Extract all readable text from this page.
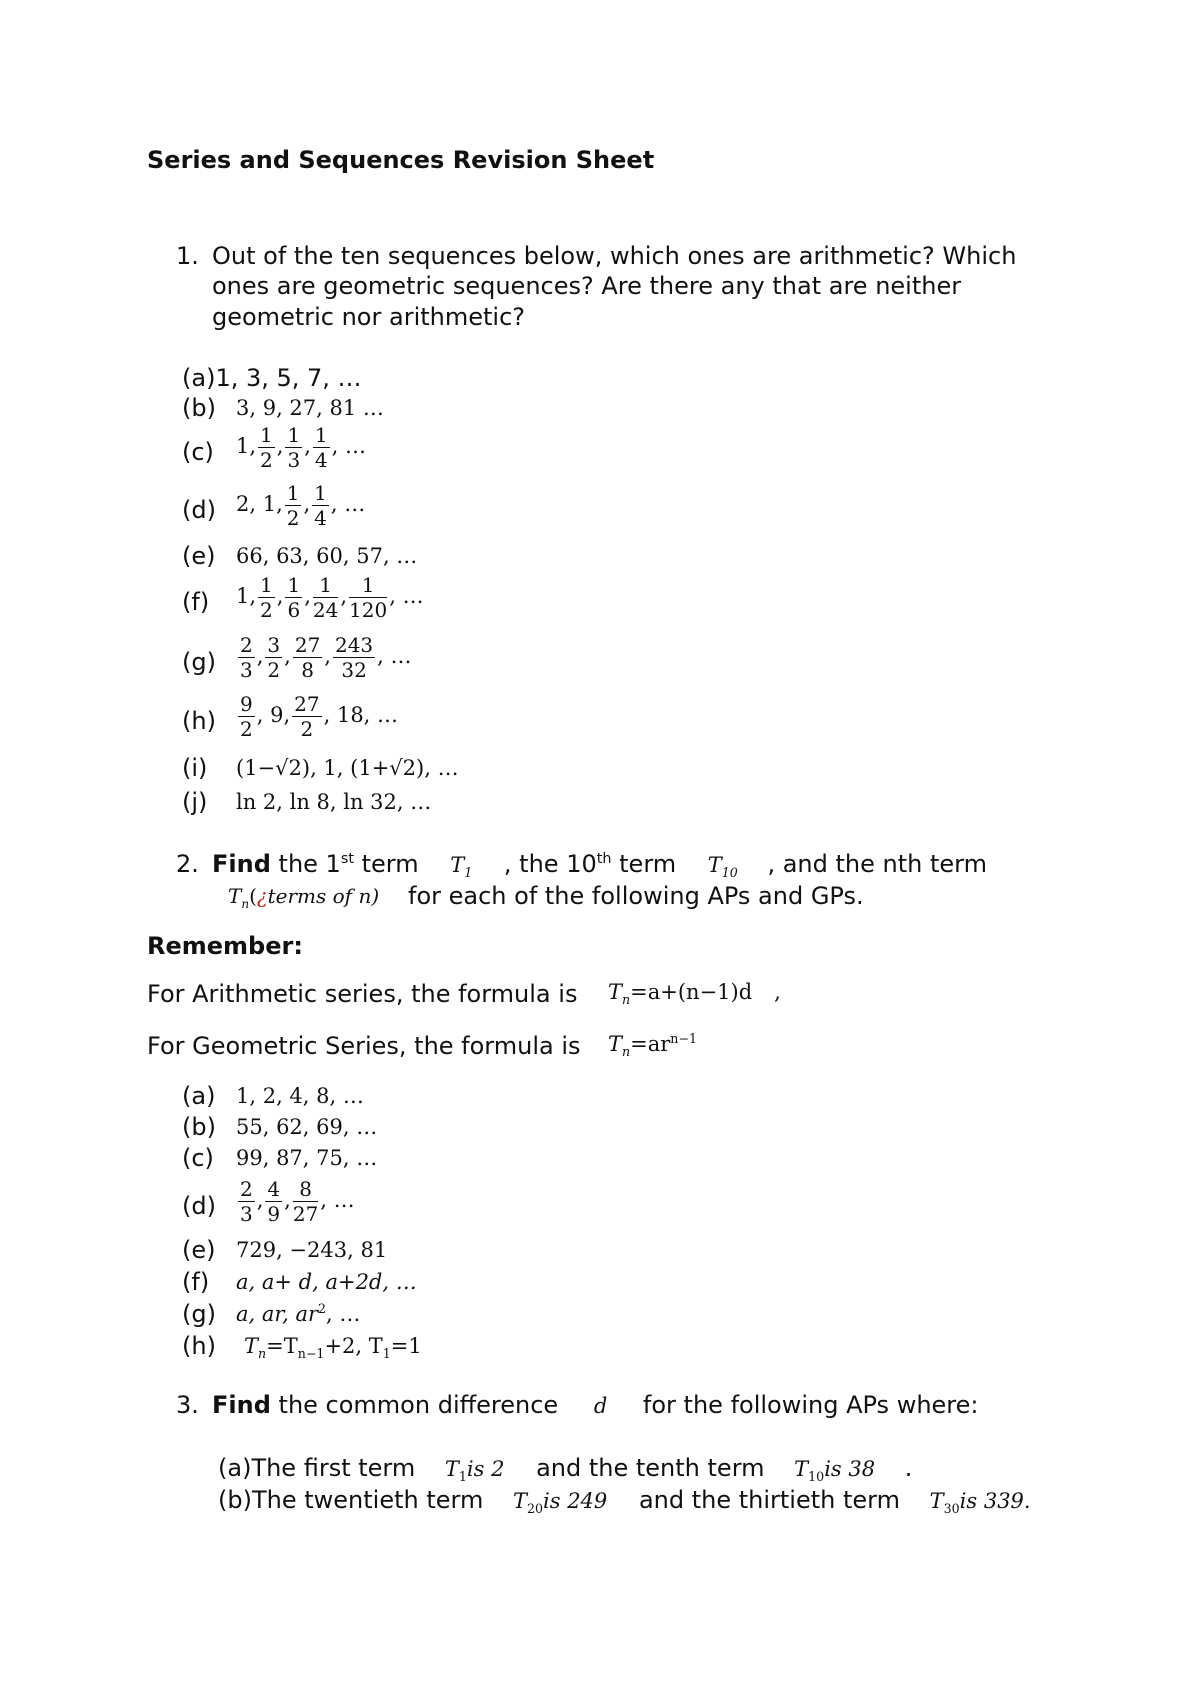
Series and Sequences Revision Sheet
1. Out of the ten sequences below, which ones are arithmetic? Which
ones are geometric sequences? Are there any that are neither
geometric nor arithmetic?
(a)1, 3, 5, 7, …
(b) 3, 9, 27, 81 …
(c) 1, $\frac{1}{2}$ , $\frac{1}{3}$ , $\frac{1}{4}$ , …
(d) 2, 1, $\frac{1}{2}$ , $\frac{1}{4}$ , …
(e) 66, 63, 60, 57, …
(f) 1, $\frac{1}{2}$ , $\frac{1}{6}$ , $\frac{1}{24}$ , $\frac{1}{120}$ , …
$(g) \frac{2}{3}$ , $\frac{3}{2}$ , $\frac{27}{8}$ , $\frac{243}{32}$ , …
$(h) \frac{9}{2}$ , 9, $\frac{27}{2}$ , 18, …
(i) (1−√2), 1, (1+√2), …
(j) ln 2, ln 8, ln 32, …
2. Find the 1st term $T_1$ , the 10th term $T_{10}$ , and the nth term
$T_n(¿terms$ of n) for each of the following APs and GPs.
Remember:
For Arithmetic series, the formula is $T_n=a+(n-1)d$ ,
For Geometric Series, the formula is $T_n=ar^{n-1}$
(a) 1, 2, 4, 8, …
(b) 55, 62, 69, …
(c) 99, 87, 75, …
$(d) \frac{2}{3}$ , $\frac{4}{9}$ , $\frac{8}{27}$ , …
(e) 729, −243, 81
(f) a, a+ d, a+2d, …
(g) a, ar, $ar^2$, …
(h) $T_n=T_{n-1}+2$, $T_1=1$
3. Find the common difference d for the following APs where:
(a)The first term $T_1is$ 2 and the tenth term $T_{10}is$ 38 .
(b)The twentieth term $T_{20}is$ 249 and the thirtieth term $T_{30}is$ 339.
